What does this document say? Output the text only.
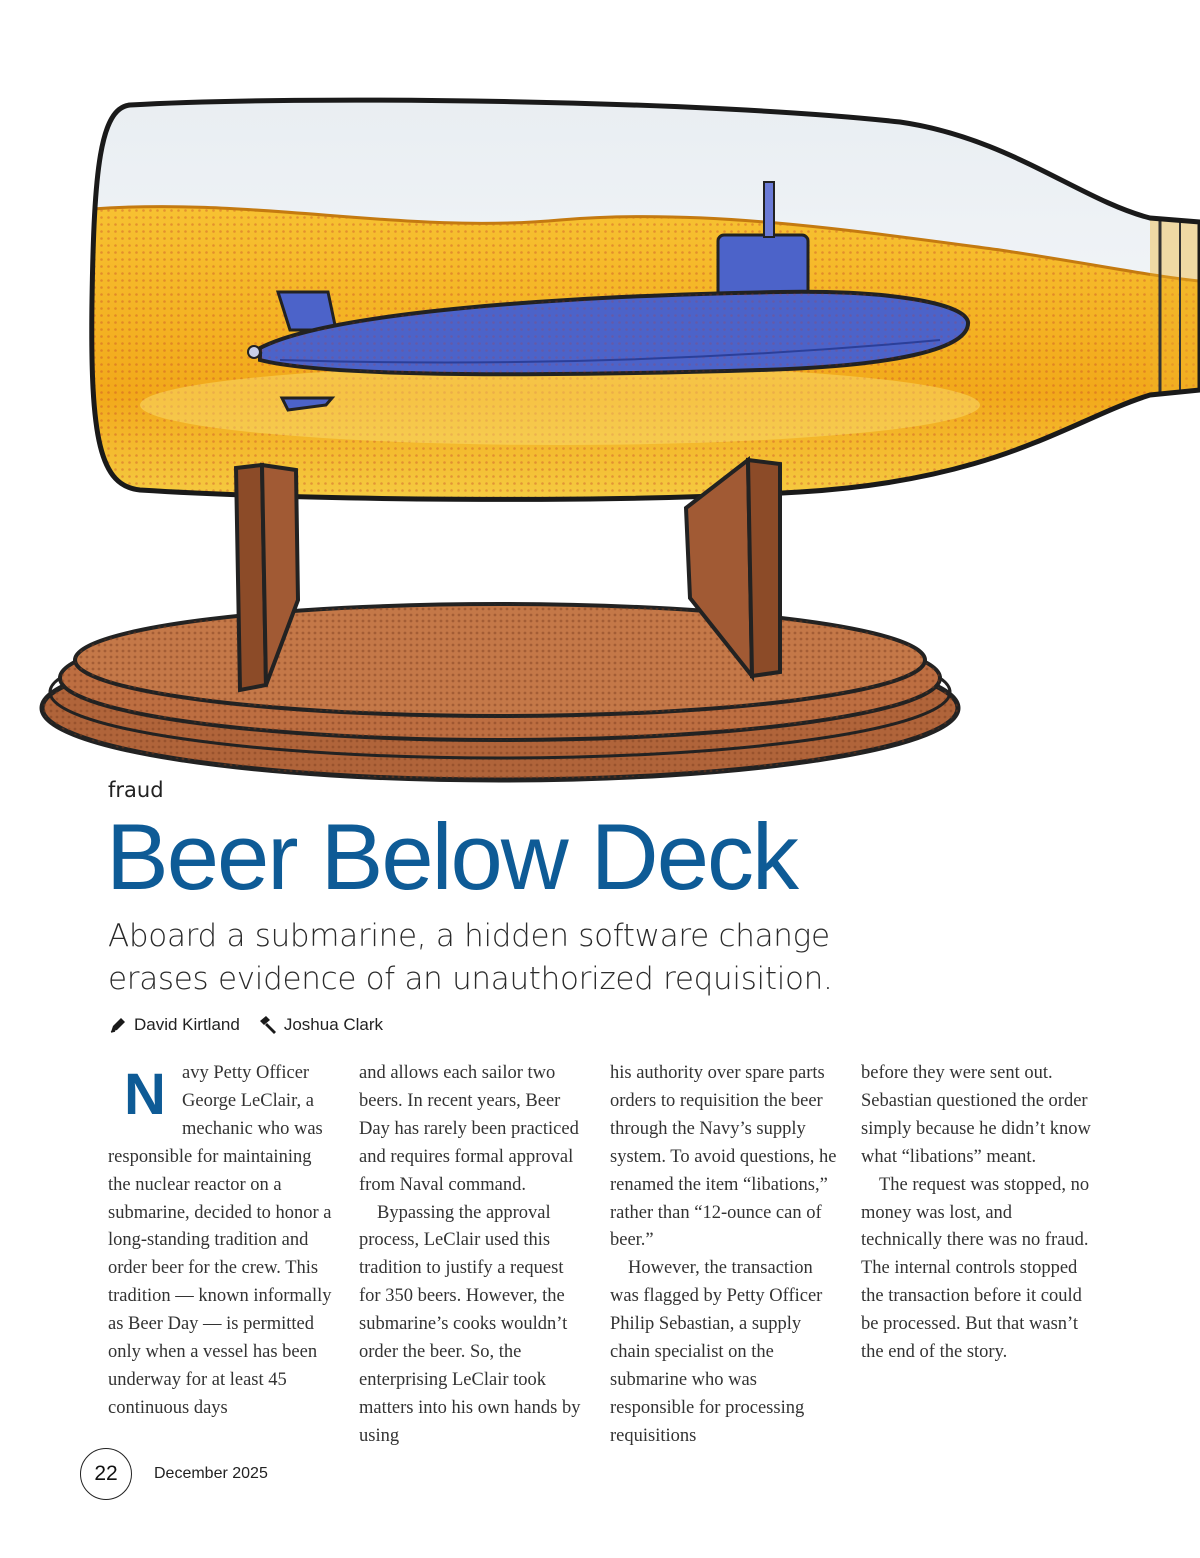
fraud
Beer Below Deck
Aboard a submarine, a hidden software change erases evidence of an unauthorized requisition.
David Kirtland	Joshua Clark
N avy Petty Officer George LeClair, a mechanic who was responsible for maintaining the nuclear reactor on a submarine, decided to honor a long-standing tradition and order beer for the crew. This tradition — known informally as Beer Day — is permitted only when a vessel has been underway for at least 45 continuous days

and allows each sailor two beers. In recent years, Beer Day has rarely been practiced and requires formal approval from Naval command.

Bypassing the approval process, LeClair used this tradition to justify a request for 350 beers. However, the submarine’s cooks wouldn’t order the beer. So, the enterprising LeClair took matters into his own hands by using

his authority over spare parts orders to requisition the beer through the Navy’s supply system. To avoid questions, he renamed the item “libations,” rather than “12-ounce can of beer.”

However, the transaction was flagged by Petty Officer Philip Sebastian, a supply chain specialist on the submarine who was responsible for processing requisitions

before they were sent out. Sebastian questioned the order simply because he didn’t know what “libations” meant.

The request was stopped, no money was lost, and technically there was no fraud. The internal controls stopped the transaction before it could be processed. But that wasn’t the end of the story.

22	December 2025
